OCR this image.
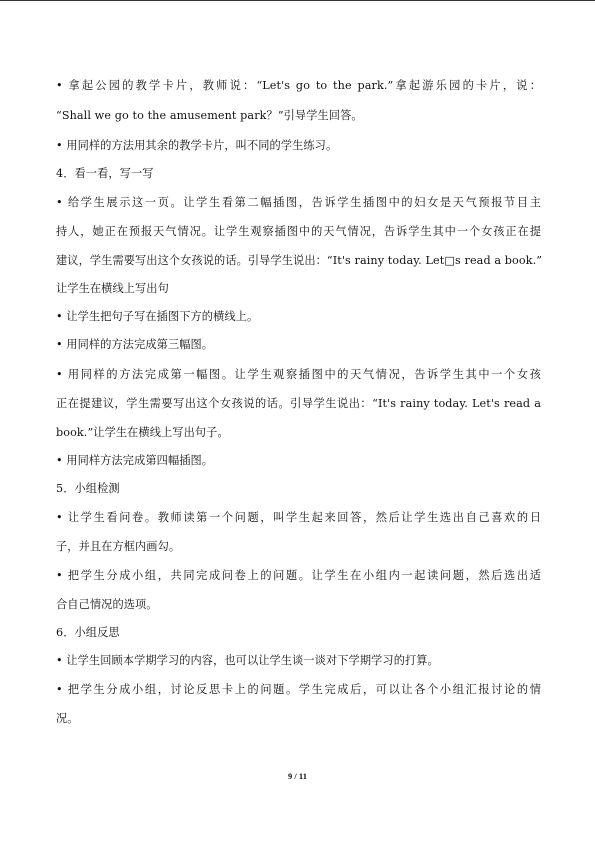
• 拿起公园的教学卡片，教师说：“Let's go to the park.”拿起游乐园的卡片，说：
“Shall we go to the amusement park？”引导学生回答。
• 用同样的方法用其余的教学卡片，叫不同的学生练习。
4．看一看，写一写
• 给学生展示这一页。让学生看第二幅插图，告诉学生插图中的妇女是天气预报节目主
持人，她正在预报天气情况。让学生观察插图中的天气情况，告诉学生其中一个女孩正在提
建议，学生需要写出这个女孩说的话。引导学生说出：“It's rainy today. Let□s read a book.”
让学生在横线上写出句
• 让学生把句子写在插图下方的横线上。
• 用同样的方法完成第三幅图。
• 用同样的方法完成第一幅图。让学生观察插图中的天气情况，告诉学生其中一个女孩
正在提建议，学生需要写出这个女孩说的话。引导学生说出：“It's rainy today. Let's read a
book.”让学生在横线上写出句子。
• 用同样方法完成第四幅插图。
5．小组检测
• 让学生看问卷。教师读第一个问题，叫学生起来回答，然后让学生选出自己喜欢的日
子，并且在方框内画勾。
• 把学生分成小组，共同完成问卷上的问题。让学生在小组内一起读问题，然后选出适
合自己情况的选项。
6．小组反思
• 让学生回顾本学期学习的内容，也可以让学生谈一谈对下学期学习的打算。
• 把学生分成小组，讨论反思卡上的问题。学生完成后，可以让各个小组汇报讨论的情
况。
9 / 11
